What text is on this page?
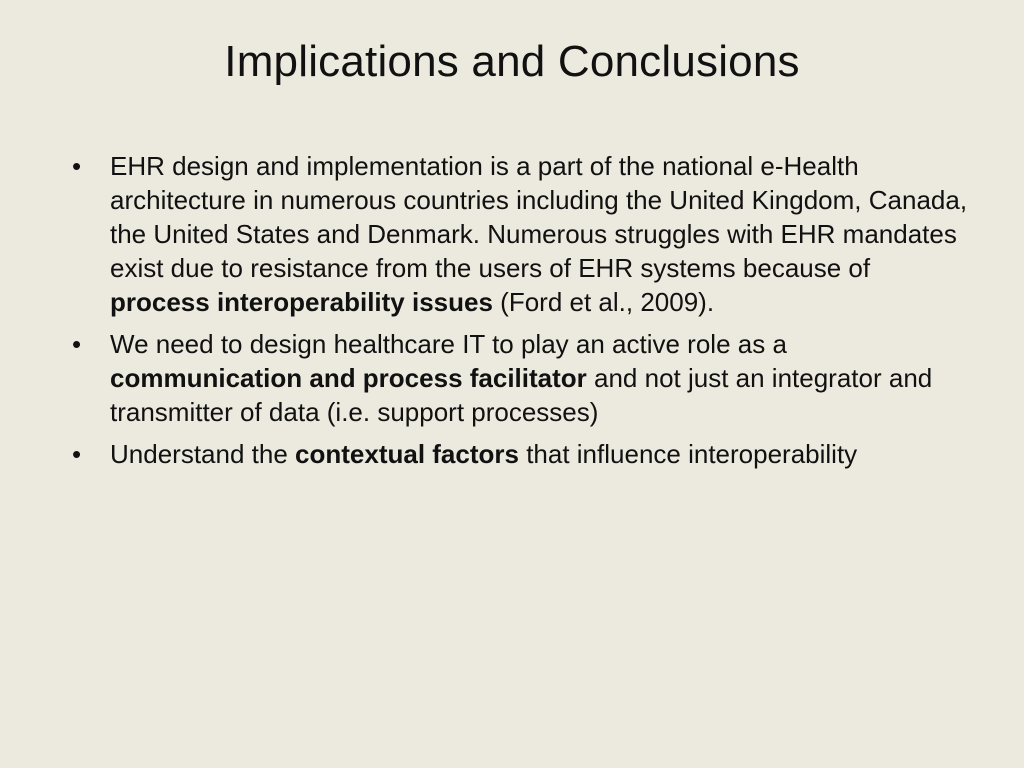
Implications and Conclusions
•	EHR design and implementation is a part of the national e-Health architecture in numerous countries including the United Kingdom, Canada, the United States and Denmark. Numerous struggles with EHR mandates exist due to resistance from the users of EHR systems because of process interoperability issues (Ford et al., 2009).
•	We need to design healthcare IT to play an active role as a communication and process facilitator and not just an integrator and transmitter of data (i.e. support processes)
•	Understand the contextual factors that influence interoperability
